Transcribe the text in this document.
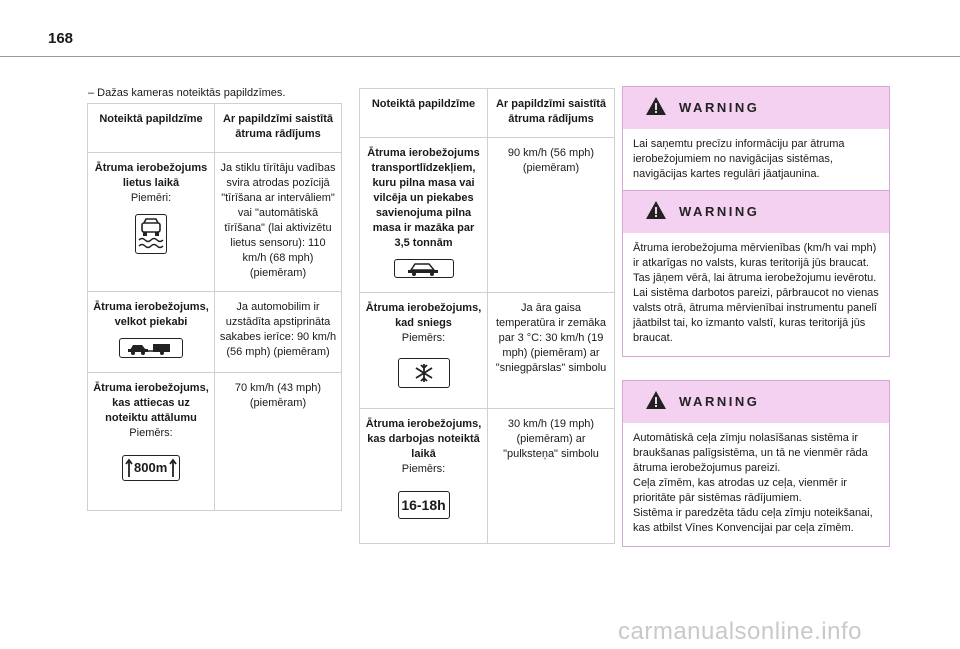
168
– Dažas kameras noteiktās papildzīmes.
Noteiktā papildzīme	Ar papildzīmi saistītā ātruma rādījums

Ātruma ierobežojums lietus laikā
Piemēri:	Ja stiklu tīrītāju vadības svira atrodas pozīcijā "tīrīšana ar intervāliem" vai "automātiskā tīrīšana" (lai aktivizētu lietus sensoru): 110 km/h (68 mph) (piemēram)

Ātruma ierobežojums, velkot piekabi	Ja automobilim ir uzstādīta apstiprināta sakabes ierīce: 90 km/h (56 mph) (piemēram)

Ātruma ierobežojums, kas attiecas uz noteiktu attālumu
Piemērs:
800m	70 km/h (43 mph) (piemēram)
Noteiktā papildzīme	Ar papildzīmi saistītā ātruma rādījums

Ātruma ierobežojums transportlīdzekļiem, kuru pilna masa vai vilcēja un piekabes savienojuma pilna masa ir mazāka par 3,5 tonnām	90 km/h (56 mph) (piemēram)

Ātruma ierobežojums, kad sniegs
Piemērs:	Ja āra gaisa temperatūra ir zemāka par 3 °C: 30 km/h (19 mph) (piemēram) ar "sniegpārslas" simbolu

Ātruma ierobežojums, kas darbojas noteiktā laikā
Piemērs:
16-18h	30 km/h (19 mph) (piemēram) ar "pulksteņa" simbolu
WARNING

Lai saņemtu precīzu informāciju par ātruma ierobežojumiem no navigācijas sistēmas, navigācijas kartes regulāri jāatjaunina.

WARNING

Ātruma ierobežojuma mērvienības (km/h vai mph) ir atkarīgas no valsts, kuras teritorijā jūs braucat.

Tas jāņem vērā, lai ātruma ierobežojumu ievērotu.

Lai sistēma darbotos pareizi, pārbraucot no vienas valsts otrā, ātruma mērvienībai instrumentu panelī jāatbilst tai, ko izmanto valstī, kuras teritorijā jūs braucat.

WARNING

Automātiskā ceļa zīmju nolasīšanas sistēma ir braukšanas palīgsistēma, un tā ne vienmēr rāda ātruma ierobežojumus pareizi.

Ceļa zīmēm, kas atrodas uz ceļa, vienmēr ir prioritāte pār sistēmas rādījumiem.

Sistēma ir paredzēta tādu ceļa zīmju noteikšanai, kas atbilst Vīnes Konvencijai par ceļa zīmēm.

carmanualsonline.info
